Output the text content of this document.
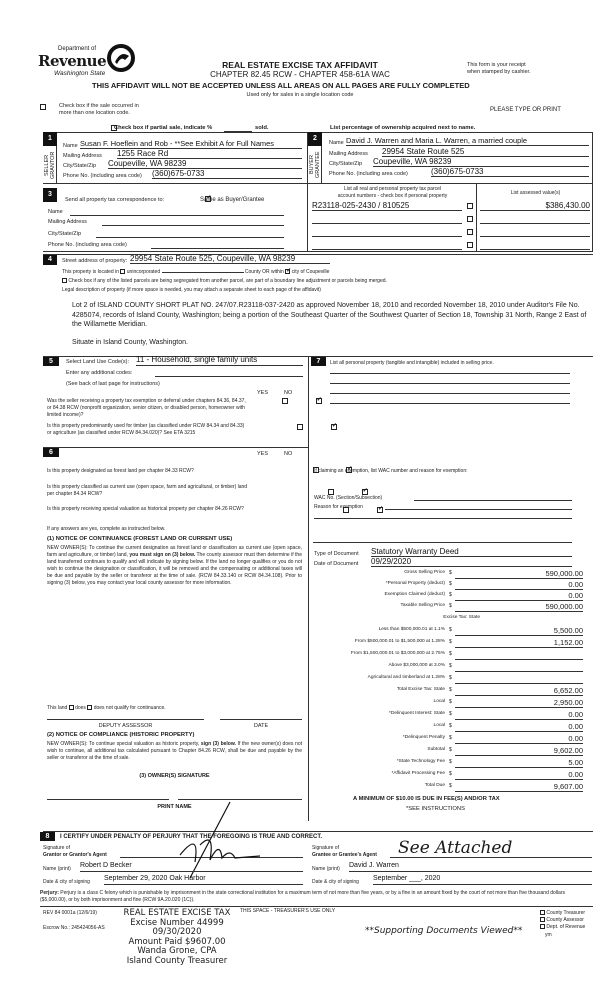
Department of
Revenue
Washington State
REAL ESTATE EXCISE TAX AFFIDAVIT
CHAPTER 82.45 RCW - CHAPTER 458-61A WAC
This form is your receipt
when stamped by cashier.
THIS AFFIDAVIT WILL NOT BE ACCEPTED UNLESS ALL AREAS ON ALL PAGES ARE FULLY COMPLETED
Used only for sales in a single location code

Check box if the sale occurred in
more than one location code.	PLEASE TYPE OR PRINT

Check box if partial sale, indicate %	sold.	List percentage of ownership acquired next to name.
1
SELLER GRANTOR
Name Susan F. Hoeflein and Rob - **See Exhibit A for Full Names
Mailing Address 1255 Race Rd
City/State/Zip Coupeville, WA 98239
Phone No. (including area code) (360)675-0733
2
BUYER GRANTEE
Name David J. Warren and Maria L. Warren, a married couple
Mailing Address 29954 State Route 525
City/State/Zip Coupeville, WA 98239
Phone No. (including area code)	(360)675-0733
3
Send all property tax correspondence to: ✓	Same as Buyer/Grantee
Name
Mailing Address
City/State/Zip
Phone No. (including area code)
List all real and personal property tax parcel
account numbers - check box if personal property	List assessed value(s)
R23118-025-2430 / 810525	$386,430.00
4	Street address of property: 29954 State Route 525, Coupeville, WA 98239
This property is located in unincorporated	County OR within ✓ city of Coupeville
Check box if any of the listed parcels are being segregated from another parcel, are part of a boundary line adjustment or parcels being merged.
Legal description of property (if more space is needed, you may attach a separate sheet to each page of the affidavit)
Lot 2 of ISLAND COUNTY SHORT PLAT NO. 247/07.R23118-037-2420 as approved November 18, 2010 and recorded November 18, 2010 under Auditor's File No. 4285074, records of Island County, Washington; being a portion of the Southeast Quarter of the Southwest Quarter of Section 18, Township 31 North, Range 2 East of the Willamette Meridian.
Situate in Island County, Washington.
5	Select Land Use Code(s): 11 - Household, single family units
Enter any additional codes:
(See back of last page for instructions)
YES	NO
Was the seller receiving a property tax exemption or deferral under chapters 84.36, 84.37, or 84.38 RCW (nonprofit organization, senior citizen, or disabled person, homeowner with limited income)?
✓
Is this property predominantly used for timber (as classified under RCW 84.34 and 84.33) or agriculture (as classified under RCW 84.34.020)? See ETA 3215
✓
6	YES	NO
Is this property designated as forest land per chapter 84.33 RCW?
✓
Is this property classified as current use (open space, farm and agricultural, or timber) land per chapter 84.34 RCW?
✓
Is this property receiving special valuation as historical property per chapter 84.26 RCW?
✓
If any answers are yes, complete as instructed below.
(1) NOTICE OF CONTINUANCE (FOREST LAND OR CURRENT USE)
NEW OWNER(S): To continue the current designation as forest land or classification as current use (open space, farm and agriculture, or timber) land, you must sign on (3) below. The county assessor must then determine if the land transferred continues to qualify and will indicate by signing below. If the land no longer qualifies or you do not wish to continue the designation or classification, it will be removed and the compensating or additional taxes will be due and payable by the seller or transferor at the time of sale. (RCW 84.33.140 or RCW 84.34.108). Prior to signing (3) below, you may contact your local county assessor for more information.
This land does does not qualify for continuance.
DEPUTY ASSESSOR	DATE
(2) NOTICE OF COMPLIANCE (HISTORIC PROPERTY)
NEW OWNER(S): To continue special valuation as historic property, sign (3) below. If the new owner(s) does not wish to continue, all additional tax calculated pursuant to Chapter 84.26 RCW, shall be due and payable by the seller or transferor at the time of sale.
(3) OWNER(S) SIGNATURE
PRINT NAME
7	List all personal property (tangible and intangible) included in selling price.
If claiming an exemption, list WAC number and reason for exemption:
WAC No. (Section/Subsection)
Reason for exemption
Type of Document Statutory Warranty Deed
Date of Document 09/29/2020
Gross Selling Price $	590,000.00
*Personal Property (deduct) $	0.00
Exemption Claimed (deduct) $	0.00
Taxable Selling Price $	590,000.00
Excise Tax: State
Less than $500,000.01 at 1.1% $	5,500.00
From $500,000.01 to $1,500,000 at 1.28% $	1,152.00
From $1,500,000.01 to $3,000,000 at 2.75% $
Above $3,000,000 at 3.0% $
Agricultural and timberland at 1.28% $
Total Excise Tax: State $	6,652.00
Local $	2,950.00
*Delinquent Interest: State $	0.00
Local $	0.00
*Delinquent Penalty $	0.00
Subtotal $	9,602.00
*State Technology Fee $	5.00
*Affidavit Processing Fee $	0.00
Total Due $	9,607.00
A MINIMUM OF $10.00 IS DUE IN FEE(S) AND/OR TAX
*SEE INSTRUCTIONS
8	I CERTIFY UNDER PENALTY OF PERJURY THAT THE FOREGOING IS TRUE AND CORRECT.
Signature of
Grantor or Grantor's Agent
Name (print) Robert D Becker
Date & city of signing September 29, 2020 Oak Harbor
Signature of
Grantee or Grantee's Agent	See Attached
Name (print) David J. Warren
Date & city of signing September ___, 2020
Perjury: Perjury is a class C felony which is punishable by imprisonment in the state correctional institution for a maximum term of not more than five years, or by a fine in an amount fixed by the court of not more than five thousand dollars ($5,000.00), or by both imprisonment and fine (RCW 9A.20.020 (1C)).
REV 84 0001a (12/6/19)
Escrow No.: 245424056-AS
THIS SPACE - TREASURER'S USE ONLY	County Treasurer
County Assessor
Dept. of Revenue
REAL ESTATE EXCISE TAX
Excise Number 44999
09/30/2020
Amount Paid $9607.00
Wanda Grone, CPA
Island County Treasurer
**Supporting Documents Viewed**	ym
